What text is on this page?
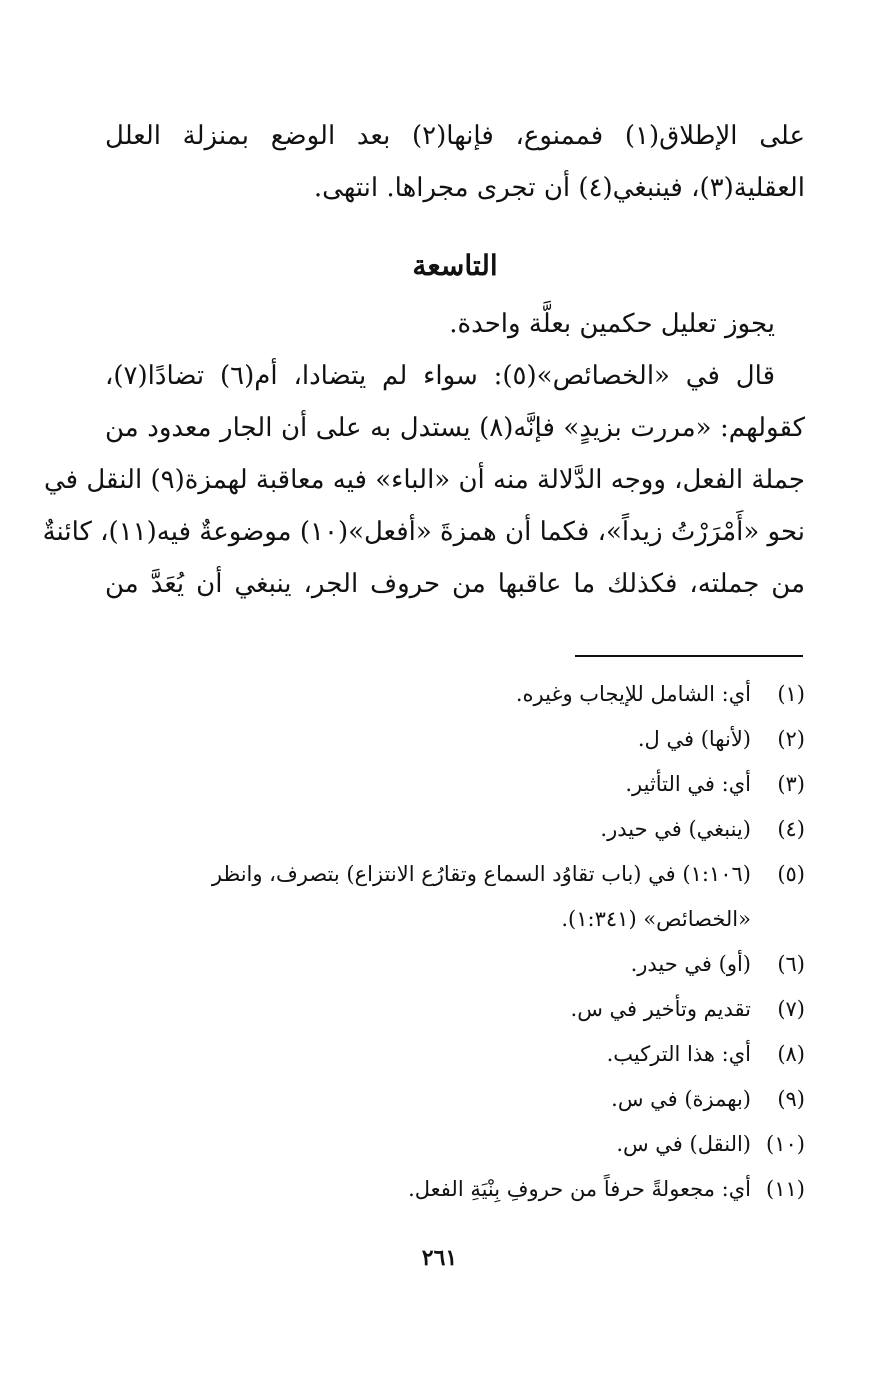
على الإطلاق(١) فممنوع، فإنها(٢) بعد الوضع بمنزلة العلل
العقلية(٣)، فينبغي(٤) أن تجرى مجراها. انتهى.
التاسعة
يجوز تعليل حكمين بعلَّة واحدة.
قال في «الخصائص»(٥): سواء لم يتضادا، أم(٦) تضادًا(٧)،
كقولهم: «مررت بزيدٍ» فإنَّه(٨) يستدل به على أن الجار معدود من
جملة الفعل، ووجه الدَّلالة منه أن «الباء» فيه معاقبة لهمزة(٩) النقل في
نحو «أَمْرَرْتُ زيداً»، فكما أن همزةَ «أفعل»(١٠) موضوعةٌ فيه(١١)، كائنةٌ
من جملته، فكذلك ما عاقبها من حروف الجر، ينبغي أن يُعَدَّ من
(١)
أي: الشامل للإيجاب وغيره.
(٢)
(لأنها) في ل.
(٣)
أي: في التأثير.
(٤)
(ينبغي) في حيدر.
(٥)
(١:١٠٦) في (باب تقاوُد السماع وتقارُع الانتزاع) بتصرف، وانظر «الخصائص» (١:٣٤١).
(٦)
(أو) في حيدر.
(٧)
تقديم وتأخير في س.
(٨)
أي: هذا التركيب.
(٩)
(بهمزة) في س.
(١٠)
(النقل) في س.
(١١)
أي: مجعولةً حرفاً من حروفِ بِنْيَةِ الفعل.
٢٦١
